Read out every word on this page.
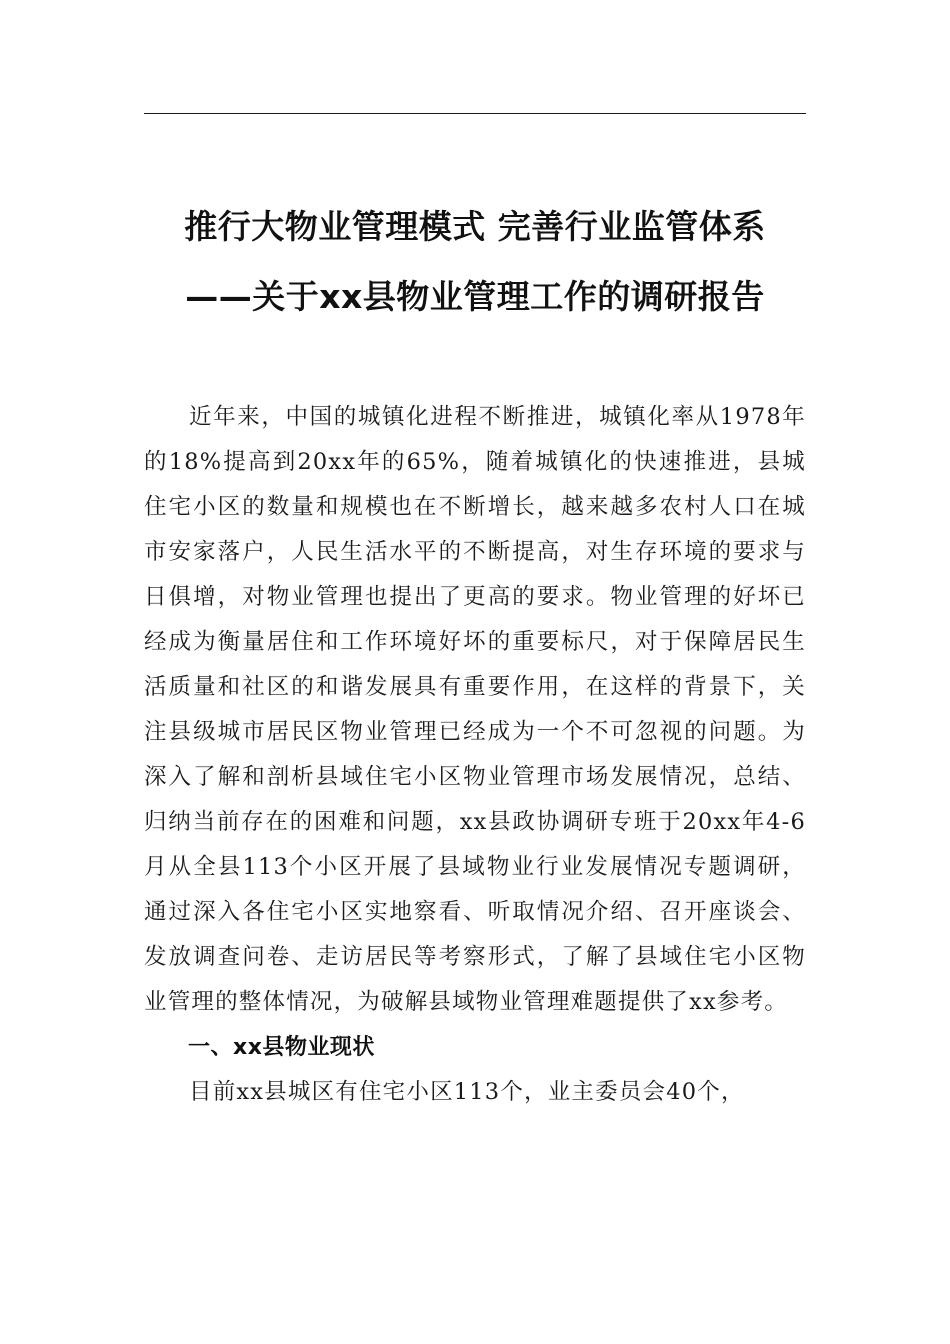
推行大物业管理模式 完善行业监管体系
——关于xx县物业管理工作的调研报告

近年来，中国的城镇化进程不断推进，城镇化率从1978年的18%提高到20xx年的65%，随着城镇化的快速推进，县城住宅小区的数量和规模也在不断增长，越来越多农村人口在城市安家落户，人民生活水平的不断提高，对生存环境的要求与日俱增，对物业管理也提出了更高的要求。物业管理的好坏已经成为衡量居住和工作环境好坏的重要标尺，对于保障居民生活质量和社区的和谐发展具有重要作用，在这样的背景下，关注县级城市居民区物业管理已经成为一个不可忽视的问题。为深入了解和剖析县域住宅小区物业管理市场发展情况，总结、归纳当前存在的困难和问题，xx县政协调研专班于20xx年4-6月从全县113个小区开展了县域物业行业发展情况专题调研，通过深入各住宅小区实地察看、听取情况介绍、召开座谈会、发放调查问卷、走访居民等考察形式，了解了县域住宅小区物业管理的整体情况，为破解县域物业管理难题提供了xx参考。

一、xx县物业现状

目前xx县城区有住宅小区113个，业主委员会40个，
